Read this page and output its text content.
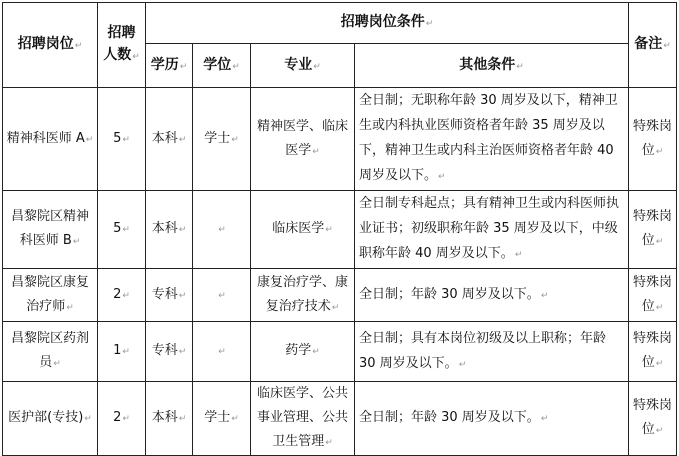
招聘岗位 ↵	招聘人数 ↵	招聘岗位条件 ↵				备注 ↵
		学历 ↵	学位 ↵	专业 ↵	其他条件 ↵
精神科医师 A ↵	5 ↵	本科 ↵	学士 ↵	精神医学、临床医学 ↵	全日制；无职称年龄 30 周岁及以下，精神卫生或内科执业医师资格者年龄 35 周岁及以下，精神卫生或内科主治医师资格者年龄 40 周岁及以下。 ↵	特殊岗位 ↵
昌黎院区精神科医师 B ↵	5 ↵	本科 ↵	↵	临床医学 ↵	全日制专科起点；具有精神卫生或内科医师执业证书；初级职称年龄 35 周岁及以下，中级职称年龄 40 周岁及以下。 ↵	特殊岗位 ↵
昌黎院区康复治疗师 ↵	2 ↵	专科 ↵	↵	康复治疗学、康复治疗技术 ↵	全日制；年龄 30 周岁及以下。 ↵	特殊岗位 ↵
昌黎院区药剂员 ↵	1 ↵	专科 ↵	↵	药学 ↵	全日制；具有本岗位初级及以上职称；年龄 30 周岁及以下。 ↵	特殊岗位 ↵
医护部(专技) ↵	2 ↵	本科 ↵	学士 ↵	临床医学、公共事业管理、公共卫生管理 ↵	全日制；年龄 30 周岁及以下。 ↵	特殊岗位 ↵
